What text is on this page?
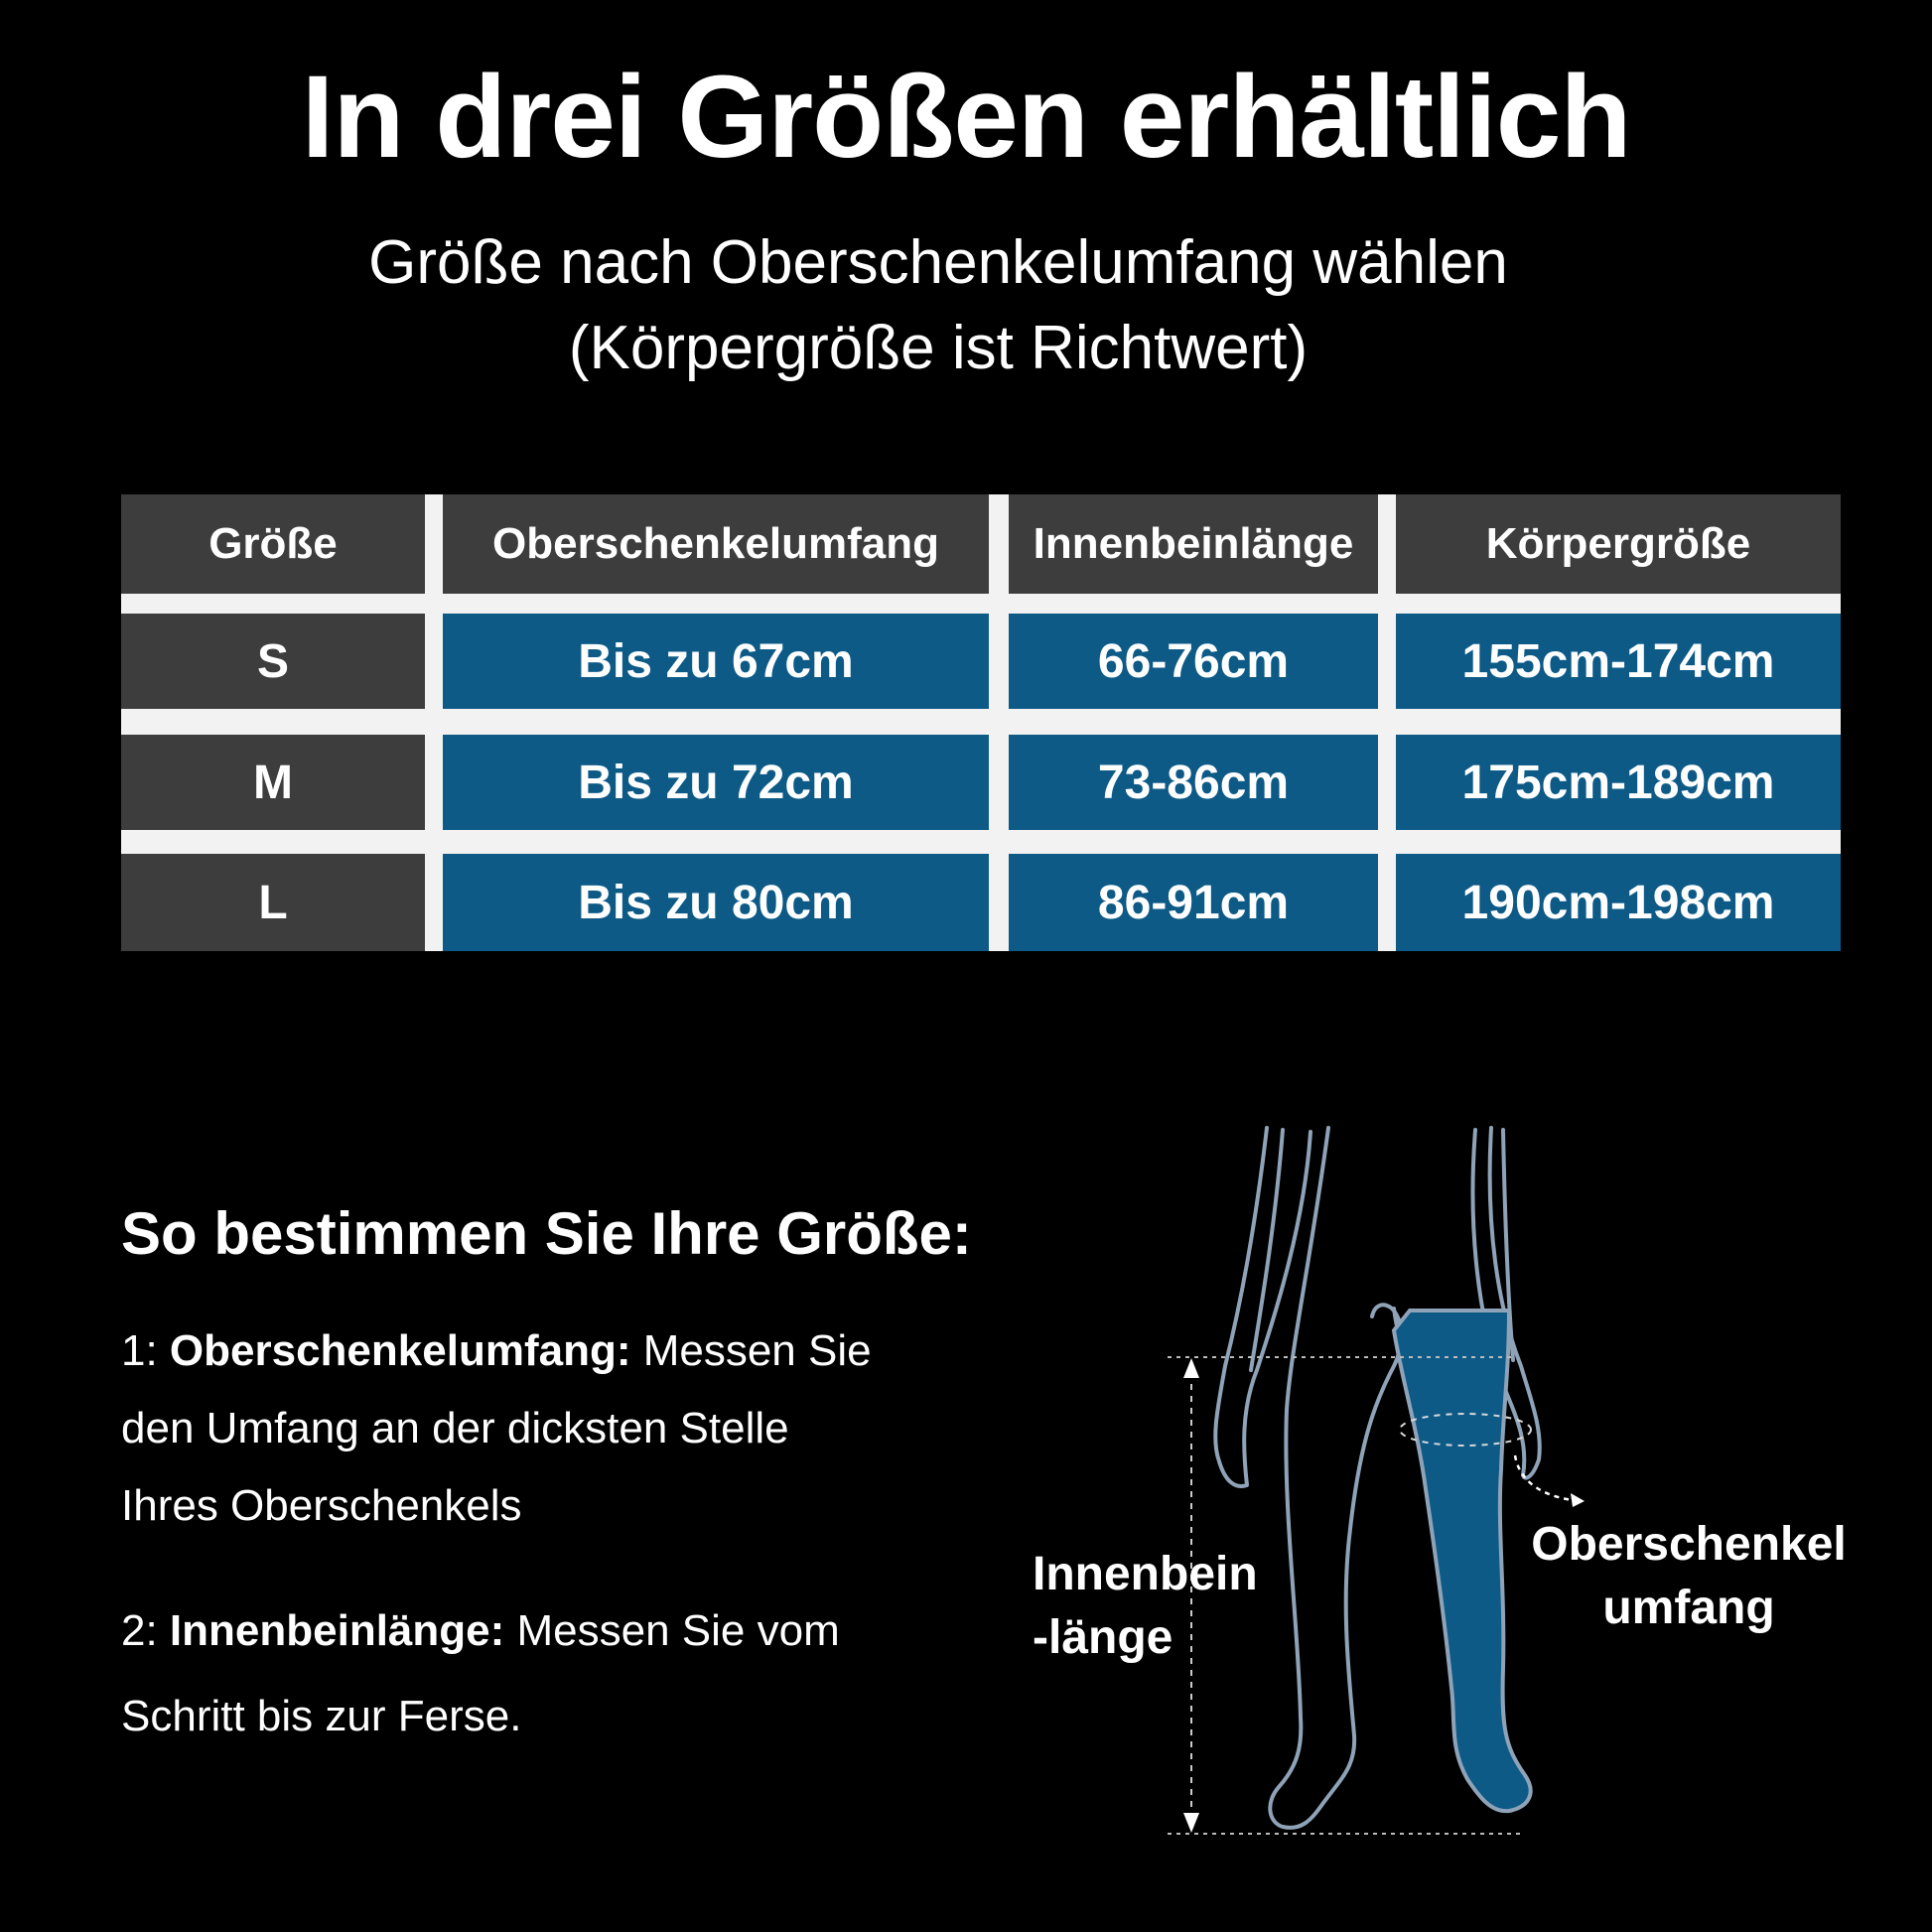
In drei Größen erhältlich
Größe nach Oberschenkelumfang wählen
(Körpergröße ist Richtwert)
Größe	Oberschenkelumfang	Innenbeinlänge	Körpergröße
S	Bis zu 67cm	66-76cm	155cm-174cm
M	Bis zu 72cm	73-86cm	175cm-189cm
L	Bis zu 80cm	86-91cm	190cm-198cm
So bestimmen Sie Ihre Größe:
1: Oberschenkelumfang: Messen Sie
den Umfang an der dicksten Stelle
Ihres Oberschenkels
2: Innenbeinlänge: Messen Sie vom
Schritt bis zur Ferse.
Innenbein
-länge
Oberschenkel
umfang
